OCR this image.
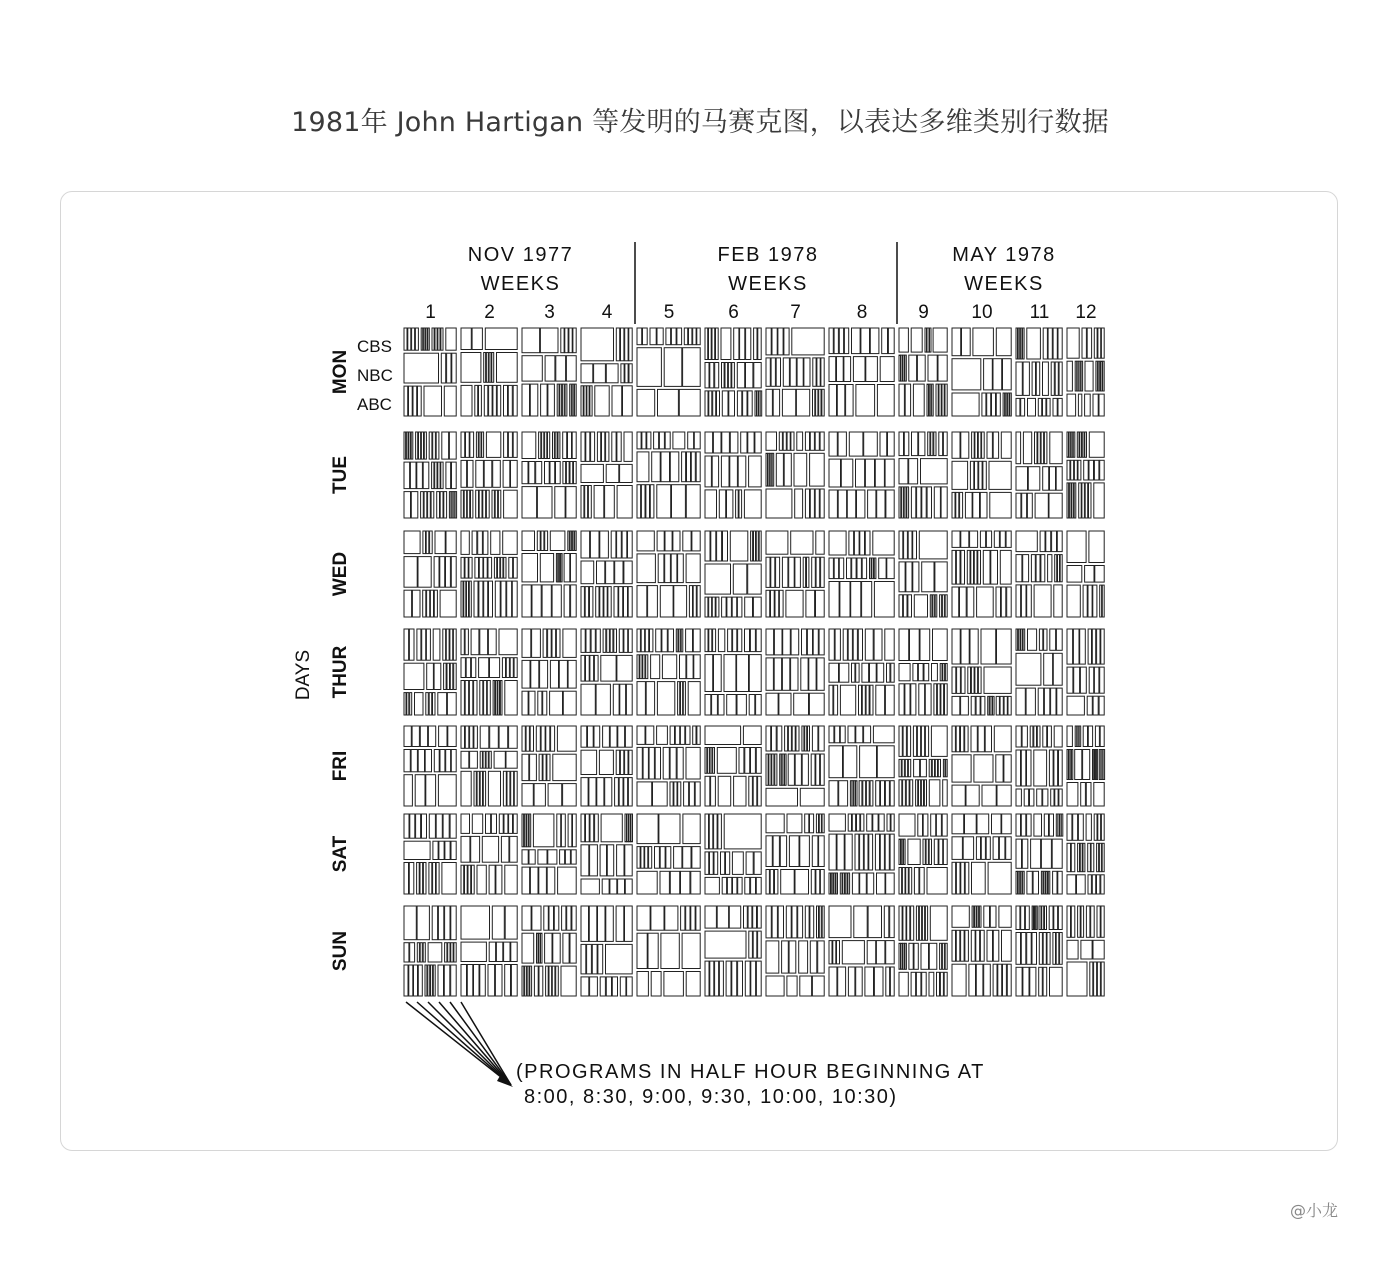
1981年 John Hartigan 等发明的马赛克图，以表达多维类别行数据
NOV 1977
WEEKS
FEB 1978
WEEKS
MAY 1978
WEEKS
1	2	3 4	5	6	7	8	9 10 11 12
CBS
NBC
ABC
MON
TUE
WED
THUR
FRI
SAT
SUN
DAYS
(PROGRAMS IN HALF HOUR BEGINNING AT
8:00, 8:30, 9:00, 9:30, 10:00, 10:30)
@小龙
